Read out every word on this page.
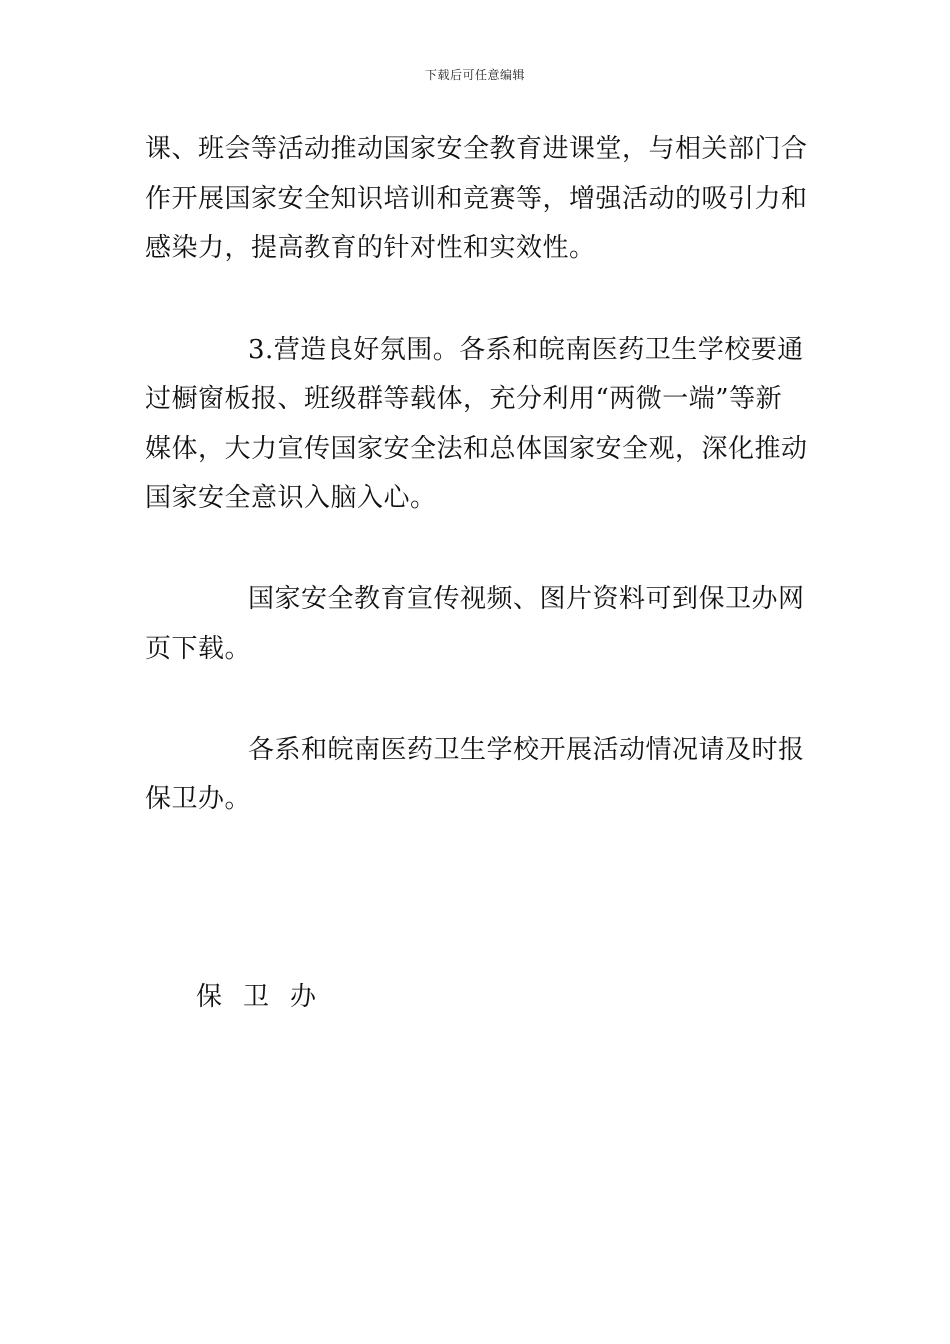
下载后可任意编辑
课、班会等活动推动国家安全教育进课堂，与相关部门合
作开展国家安全知识培训和竞赛等，增强活动的吸引力和
感染力，提高教育的针对性和实效性。
3.营造良好氛围。各系和皖南医药卫生学校要通
过橱窗板报、班级群等载体，充分利用“两微一端”等新
媒体，大力宣传国家安全法和总体国家安全观，深化推动
国家安全意识入脑入心。
国家安全教育宣传视频、图片资料可到保卫办网
页下载。
各系和皖南医药卫生学校开展活动情况请及时报
保卫办。
保卫办
